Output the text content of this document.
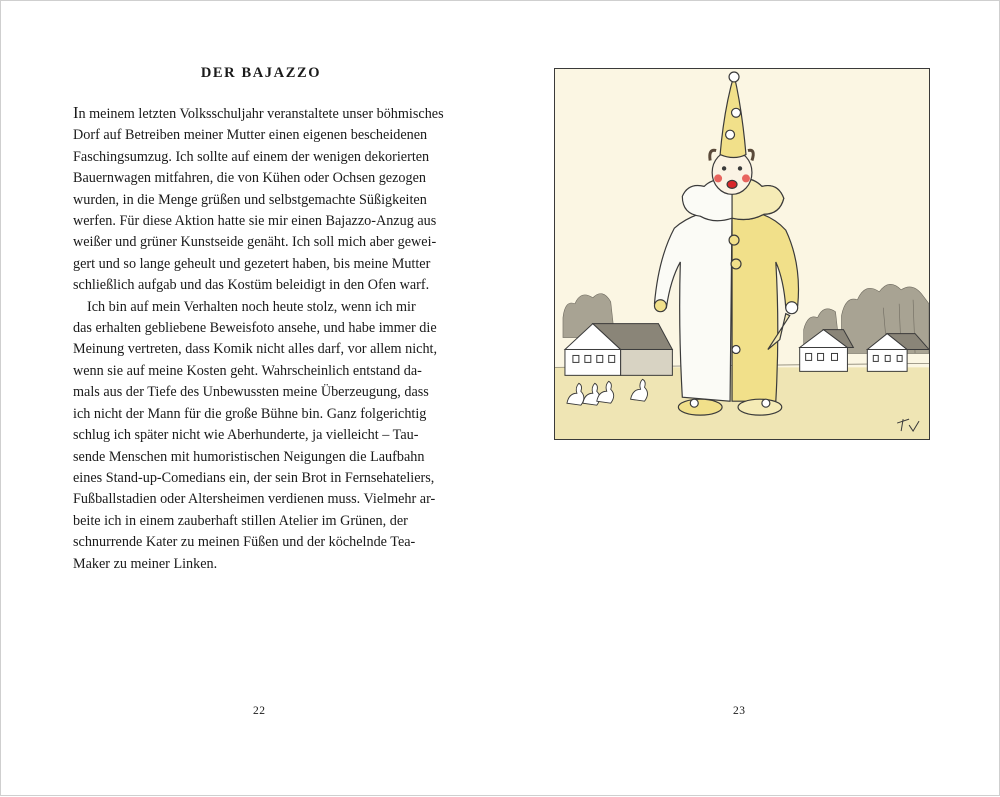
DER BAJAZZO

In meinem letzten Volksschuljahr veranstaltete unser böhmisches
Dorf auf Betreiben meiner Mutter einen eigenen bescheidenen
Faschingsumzug. Ich sollte auf einem der wenigen dekorierten
Bauernwagen mitfahren, die von Kühen oder Ochsen gezogen
wurden, in die Menge grüßen und selbstgemachte Süßigkeiten
werfen. Für diese Aktion hatte sie mir einen Bajazzo-Anzug aus
weißer und grüner Kunstseide genäht. Ich soll mich aber gewei-
gert und so lange geheult und gezetert haben, bis meine Mutter
schließlich aufgab und das Kostüm beleidigt in den Ofen warf.

Ich bin auf mein Verhalten noch heute stolz, wenn ich mir
das erhalten gebliebene Beweisfoto ansehe, und habe immer die
Meinung vertreten, dass Komik nicht alles darf, vor allem nicht,
wenn sie auf meine Kosten geht. Wahrscheinlich entstand da-
mals aus der Tiefe des Unbewussten meine Überzeugung, dass
ich nicht der Mann für die große Bühne bin. Ganz folgerichtig
schlug ich später nicht wie Aberhunderte, ja vielleicht – Tau-
sende Menschen mit humoristischen Neigungen die Laufbahn
eines Stand-up-Comedians ein, der sein Brot in Fernsehateliers,
Fußballstadien oder Altersheimen verdienen muss. Vielmehr ar-
beite ich in einem zauberhaft stillen Atelier im Grünen, der
schnurrende Kater zu meinen Füßen und der köchelnde Tea-
Maker zu meiner Linken.

22	23
